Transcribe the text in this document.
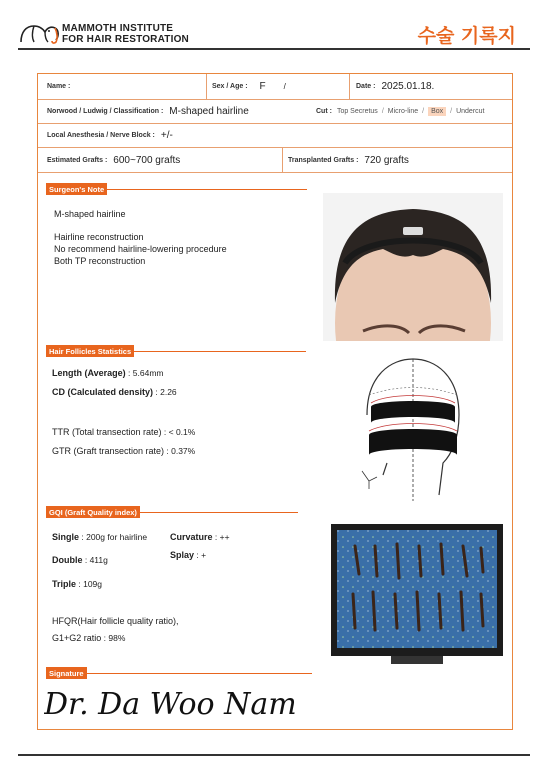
MAMMOTH INSTITUTE
FOR HAIR RESTORATION	수술 기록지
Name :	Sex / Age : F /	Date : 2025.01.18.
Norwood / Ludwig / Classification : M-shaped hairline	Cut : Top Secretus / Micro-line /	Box	/ Undercut
Local Anesthesia / Nerve Block : +/-
Estimated Grafts : 600~700 grafts	Transplanted Grafts : 720 grafts
Surgeon's Note
M-shaped hairline
Hairline reconstruction
No recommend hairline-lowering procedure
Both TP reconstruction
Hair Follicles Statistics
Length (Average) : 5.64mm
CD (Calculated density) : 2.26
TTR (Total transection rate) : < 0.1%
GTR (Graft transection rate) : 0.37%
GQI (Graft Quality index)
Single : 200g for hairline	Curvature : ++
Splay : +
Double : 411g
Triple : 109g
HFQR(Hair follicle quality ratio),
G1+G2 ratio : 98%
Signature
Dr. Da Woo Nam
